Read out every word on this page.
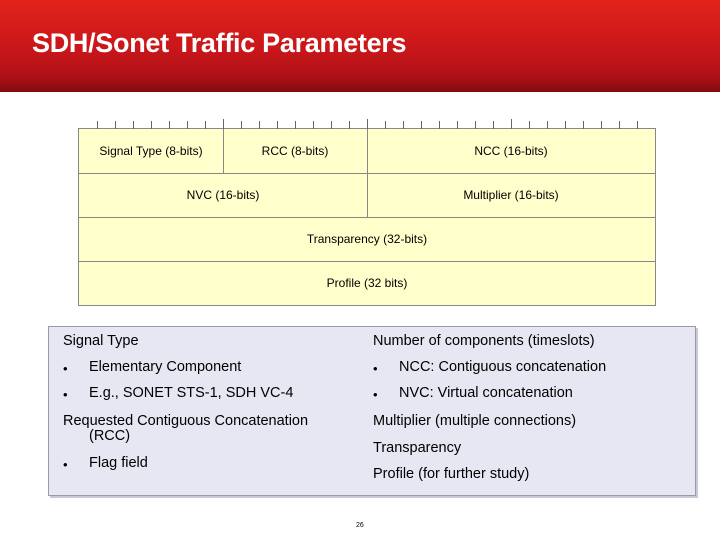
SDH/Sonet Traffic Parameters
Signal Type (8-bits)	RCC (8-bits)	NCC (16-bits)
NVC (16-bits)	Multiplier (16-bits)
Transparency (32-bits)
Profile (32 bits)
Signal Type
• Elementary Component
• E.g., SONET STS-1, SDH VC-4
Requested Contiguous Concatenation
(RCC)
• Flag field
Number of components (timeslots)
• NCC: Contiguous concatenation
• NVC: Virtual concatenation
Multiplier (multiple connections)
Transparency
Profile (for further study)
26
